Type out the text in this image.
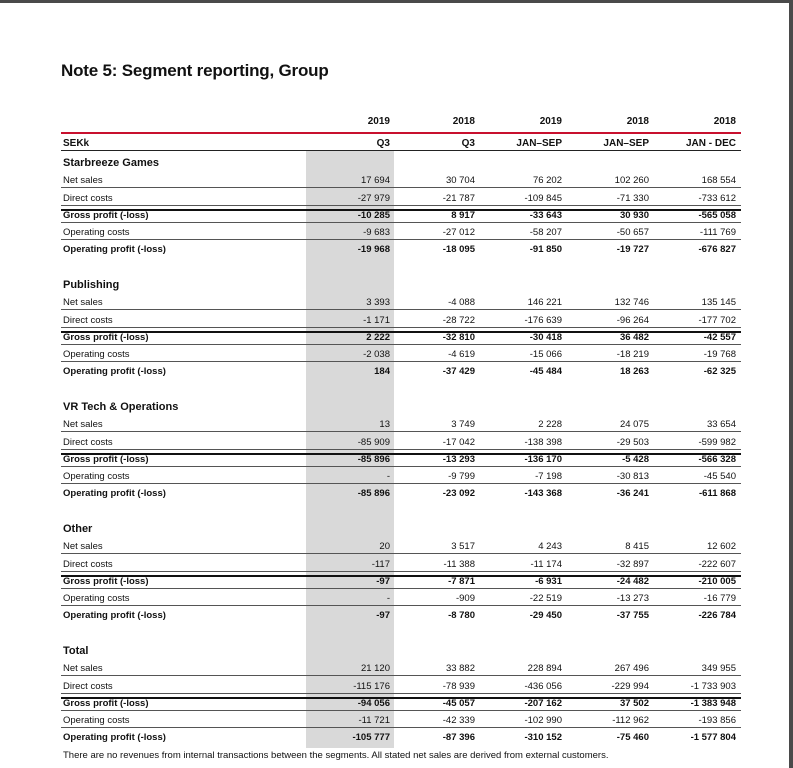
Note 5: Segment reporting, Group
2019	2018	2019	2018	2018
Q3	Q3	JAN–SEP	JAN–SEP	JAN - DEC
SEKk
Starbreeze Games
Net sales	17 694	30 704	76 202	102 260	168 554
Direct costs	-27 979	-21 787	-109 845	-71 330	-733 612
Gross profit (-loss)	-10 285	8 917	-33 643	30 930	-565 058
Operating costs	-9 683	-27 012	-58 207	-50 657	-111 769
Operating profit (-loss)	-19 968	-18 095	-91 850	-19 727	-676 827
Publishing
Net sales	3 393	-4 088	146 221	132 746	135 145
Direct costs	-1 171	-28 722	-176 639	-96 264	-177 702
Gross profit (-loss)	2 222	-32 810	-30 418	36 482	-42 557
Operating costs	-2 038	-4 619	-15 066	-18 219	-19 768
Operating profit (-loss)	184	-37 429	-45 484	18 263	-62 325
VR Tech & Operations
Net sales	13	3 749	2 228	24 075	33 654
Direct costs	-85 909	-17 042	-138 398	-29 503	-599 982
Gross profit (-loss)	-85 896	-13 293	-136 170	-5 428	-566 328
Operating costs	-	-9 799	-7 198	-30 813	-45 540
Operating profit (-loss)	-85 896	-23 092	-143 368	-36 241	-611 868
Other
Net sales	20	3 517	4 243	8 415	12 602
Direct costs	-117	-11 388	-11 174	-32 897	-222 607
Gross profit (-loss)	-97	-7 871	-6 931	-24 482	-210 005
Operating costs	-	-909	-22 519	-13 273	-16 779
Operating profit (-loss)	-97	-8 780	-29 450	-37 755	-226 784
Total
Net sales	21 120	33 882	228 894	267 496	349 955
Direct costs	-115 176	-78 939	-436 056	-229 994	-1 733 903
Gross profit (-loss)	-94 056	-45 057	-207 162	37 502	-1 383 948
Operating costs	-11 721	-42 339	-102 990	-112 962	-193 856
Operating profit (-loss)	-105 777	-87 396	-310 152	-75 460	-1 577 804
There are no revenues from internal transactions between the segments. All stated net sales are derived from external customers.
